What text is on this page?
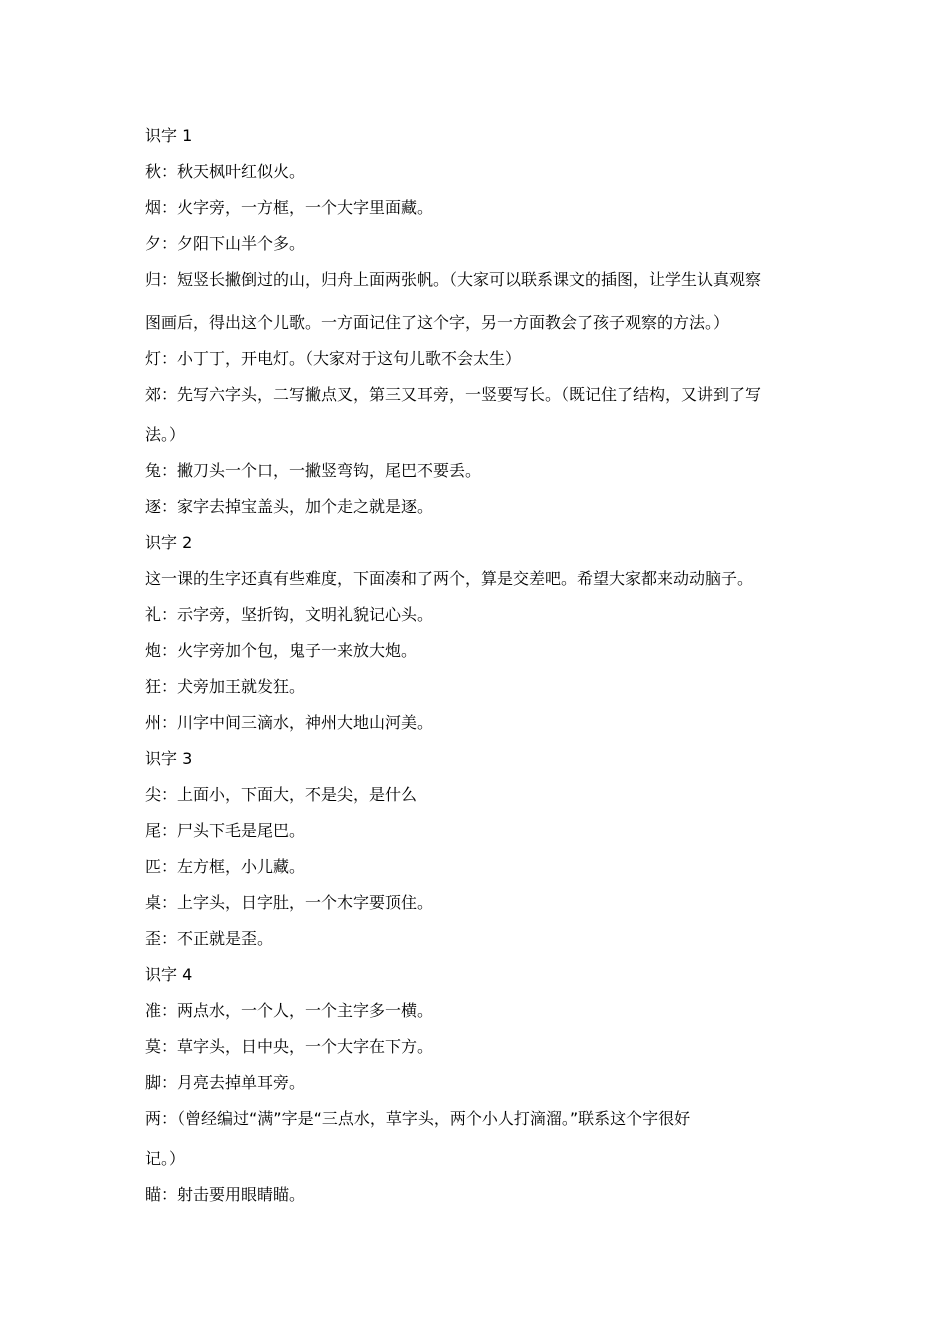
识字 1

秋：秋天枫叶红似火。

烟：火字旁，一方框，一个大字里面藏。

夕：夕阳下山半个多。

归：短竖长撇倒过的山，归舟上面两张帆。（大家可以联系课文的插图，让学生认真观察

图画后，得出这个儿歌。一方面记住了这个字，另一方面教会了孩子观察的方法。）

灯：小丁丁，开电灯。（大家对于这句儿歌不会太生）

郊：先写六字头，二写撇点叉，第三又耳旁，一竖要写长。（既记住了结构，又讲到了写

法。）

兔：撇刀头一个口，一撇竖弯钩，尾巴不要丢。

逐：家字去掉宝盖头，加个走之就是逐。

识字 2

这一课的生字还真有些难度，下面凑和了两个，算是交差吧。希望大家都来动动脑子。

礼：示字旁，坚折钩，文明礼貌记心头。

炮：火字旁加个包，鬼子一来放大炮。

狂：犬旁加王就发狂。

州：川字中间三滴水，神州大地山河美。

识字 3

尖：上面小，下面大，不是尖，是什么

尾：尸头下毛是尾巴。

匹：左方框，小儿藏。

桌：上字头，日字肚，一个木字要顶住。

歪：不正就是歪。

识字 4

准：两点水，一个人，一个主字多一横。

莫：草字头，日中央，一个大字在下方。

脚：月亮去掉单耳旁。

两：（曾经编过“满”字是“三点水，草字头，两个小人打滴溜。”联系这个字很好

记。）

瞄：射击要用眼睛瞄。
